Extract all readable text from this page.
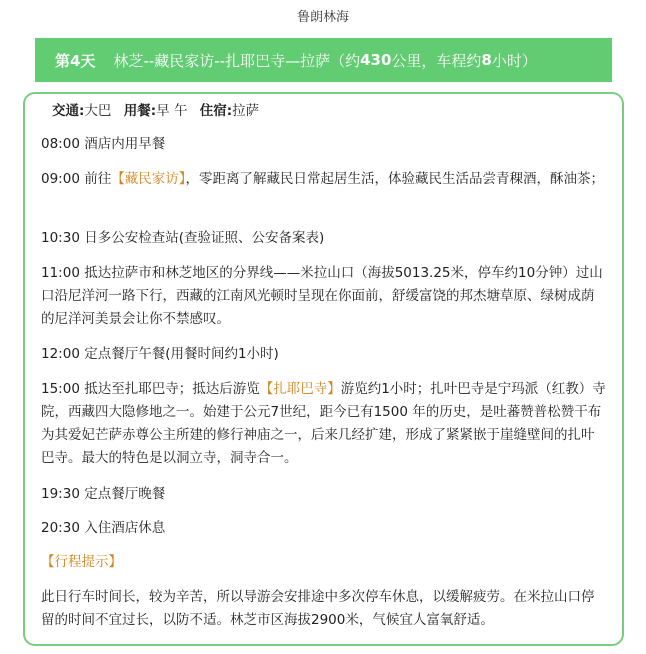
鲁朗林海
第4天 林芝--藏民家访--扎耶巴寺—拉萨（约 430 公里，车程约 8 小时）
交通:大巴 用餐:早 午 住宿:拉萨
08:00 酒店内用早餐
09:00 前往【藏民家访】，零距离了解藏民日常起居生活，体验藏民生活品尝青稞酒，酥油茶；
10:30 日多公安检查站(查验证照、公安备案表)
11:00 抵达拉萨市和林芝地区的分界线——米拉山口（海拔5013.25米，停车约10分钟）过山口沿尼洋河一路下行，西藏的江南风光顿时呈现在你面前，舒缓富饶的邦杰塘草原、绿树成荫的尼洋河美景会让你不禁感叹。
12:00 定点餐厅午餐(用餐时间约1小时)
15:00 抵达至扎耶巴寺；抵达后游览【扎耶巴寺】游览约1小时；扎叶巴寺是宁玛派（红教）寺院，西藏四大隐修地之一。始建于公元7世纪，距今已有1500 年的历史，是吐蕃赞普松赞干布为其爱妃芒萨赤尊公主所建的修行神庙之一，后来几经扩建，形成了紧紧嵌于崖缝壁间的扎叶巴寺。最大的特色是以洞立寺，洞寺合一。
19:30 定点餐厅晚餐
20:30 入住酒店休息
【行程提示】
此日行车时间长，较为辛苦，所以导游会安排途中多次停车休息，以缓解疲劳。在米拉山口停留的时间不宜过长，以防不适。林芝市区海拔2900米，气候宜人富氧舒适。
